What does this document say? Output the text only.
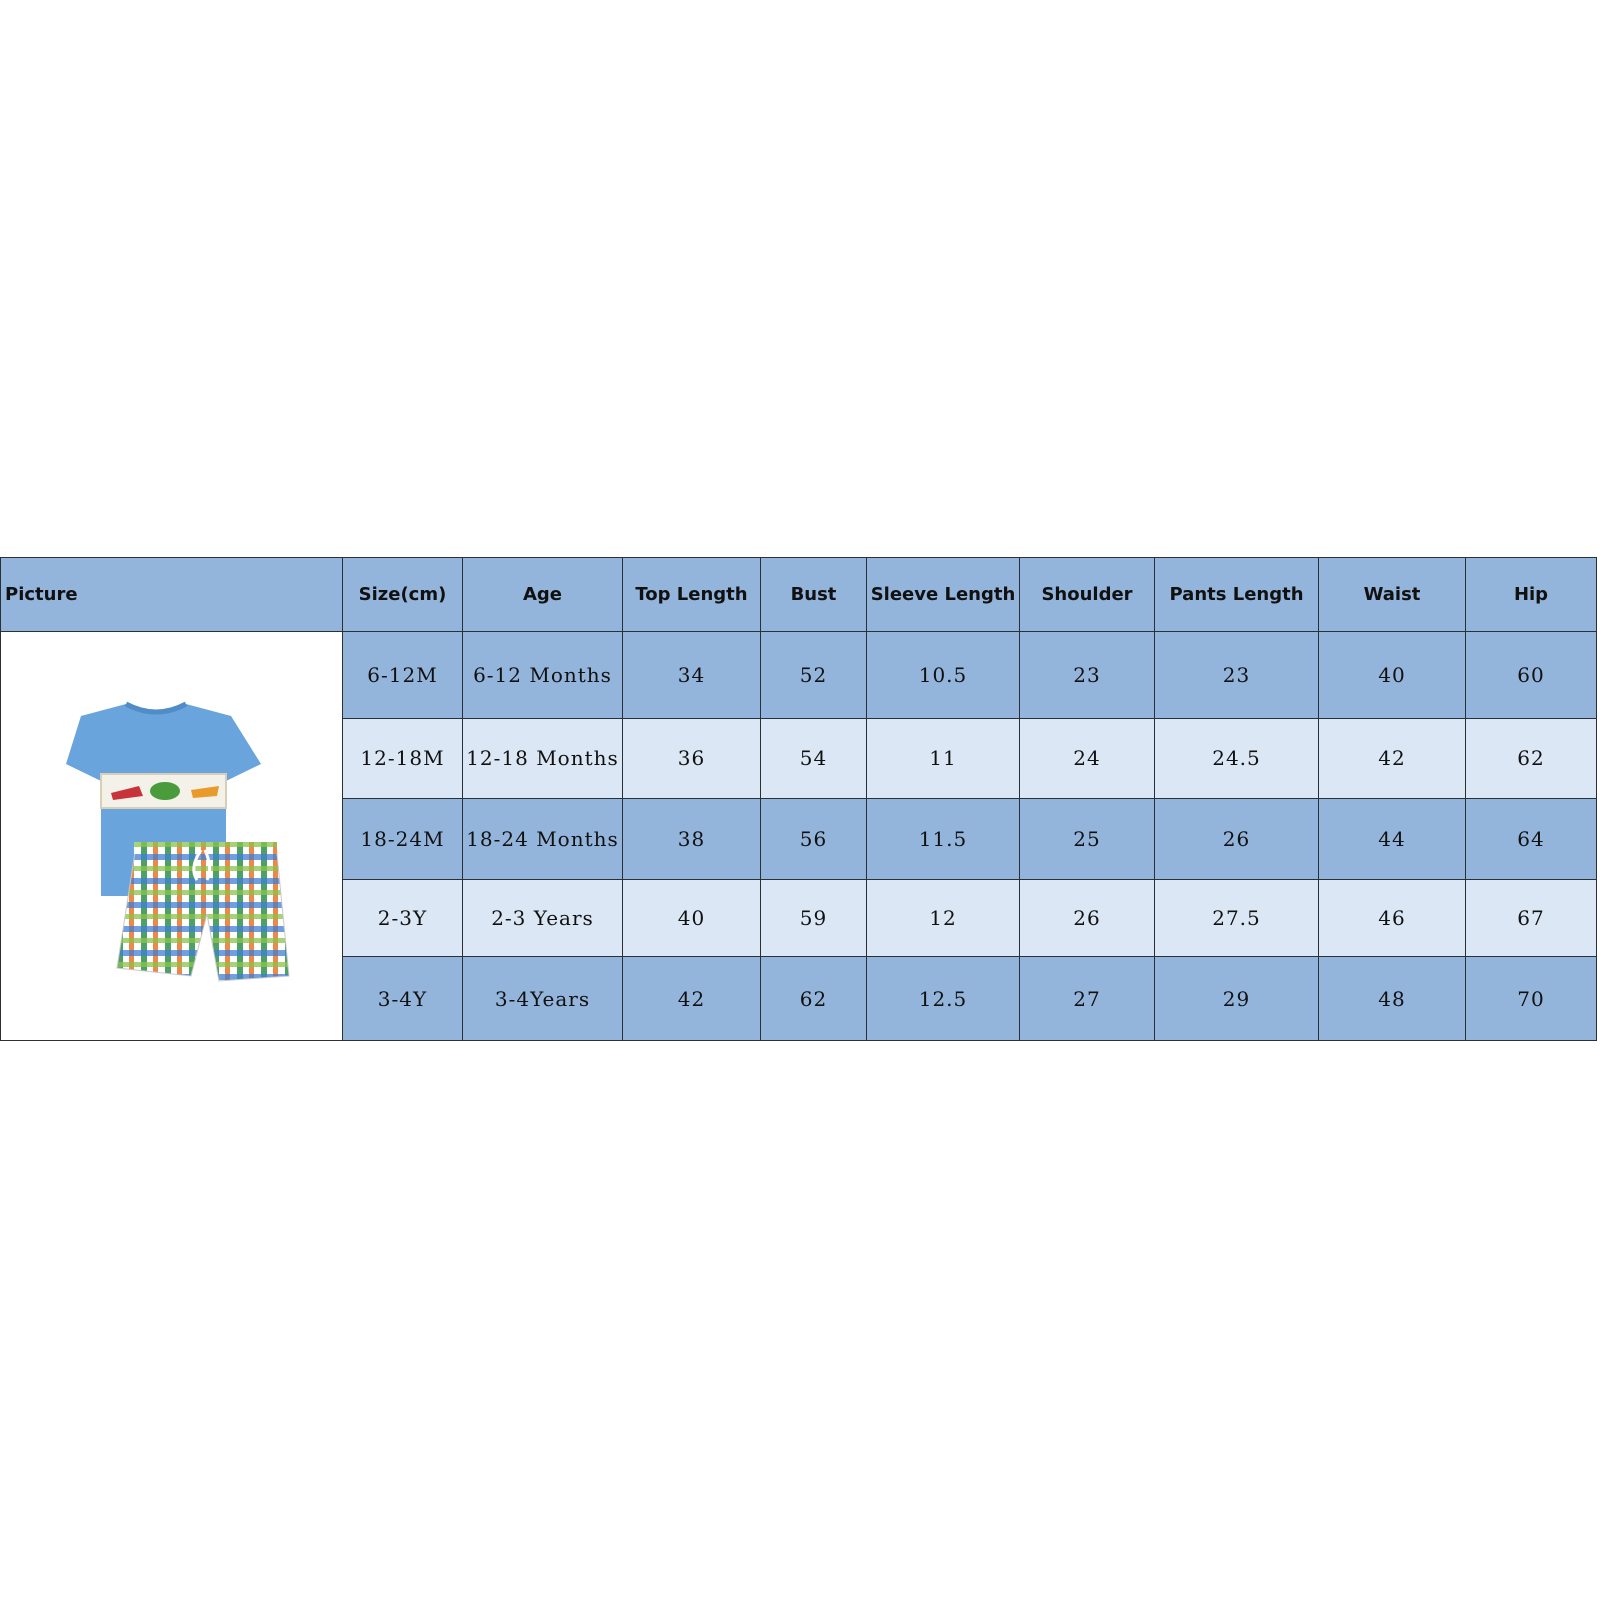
Picture	Size(cm)	Age	Top Length	Bust	Sleeve Length	Shoulder	Pants Length	Waist	Hip

	6-12M	6-12 Months	34	52	10.5	23	23	40	60
	12-18M	12-18 Months	36	54	11	24	24.5	42	62
	18-24M	18-24 Months	38	56	11.5	25	26	44	64
	2-3Y	2-3 Years	40	59	12	26	27.5	46	67
	3-4Y	3-4Years	42	62	12.5	27	29	48	70
